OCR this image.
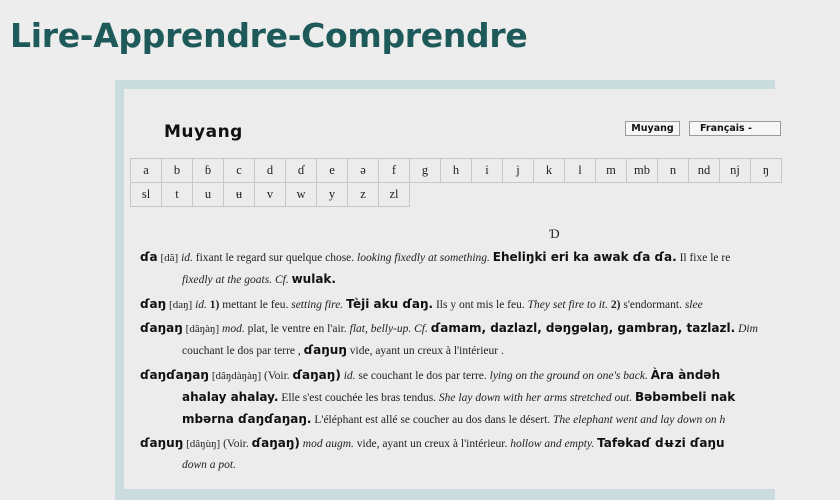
Lire-Apprendre-Comprendre
Muyang	Muyang	Français -
a	b	ɓ	c	d	ɗ	e	ə	f	g	h	i	j	k	l	m	mb	n	nd	nj	ŋ
sl	t	u	ʉ	v	w	y	z	zl
Ɗ
ɗa [dã] id. fixant le regard sur quelque chose. looking fixedly at something. Eheliŋki eri ka awak ɗa ɗa. Il fixe le re
fixedly at the goats. Cf. wulak.
ɗaŋ [daŋ] id. 1) mettant le feu. setting fire. Tèji aku ɗaŋ. Ils y ont mis le feu. They set fire to it. 2) s'endormant. slee
ɗaŋaŋ [dâŋàŋ] mod. plat, le ventre en l'air. flat, belly-up. Cf. ɗamam, dazlazl, dəŋgəlaŋ, gambraŋ, tazlazl. Dim
couchant le dos par terre , ɗaŋuŋ vide, ayant un creux à l'intérieur .
ɗaŋɗaŋaŋ [dâŋdàŋàŋ] (Voir. ɗaŋaŋ) id. se couchant le dos par terre. lying on the ground on one's back. Àra àndəh
ahalay ahalay. Elle s'est couchée les bras tendus. She lay down with her arms stretched out. Bəbəmbeli nak
mbərna ɗaŋɗaŋaŋ. L'éléphant est allé se coucher au dos dans le désert. The elephant went and lay down on h
ɗaŋuŋ [dâŋùŋ] (Voir. ɗaŋaŋ) mod augm. vide, ayant un creux à l'intérieur. hollow and empty. Tafəkaɗ dʉzi ɗaŋu
down a pot.
